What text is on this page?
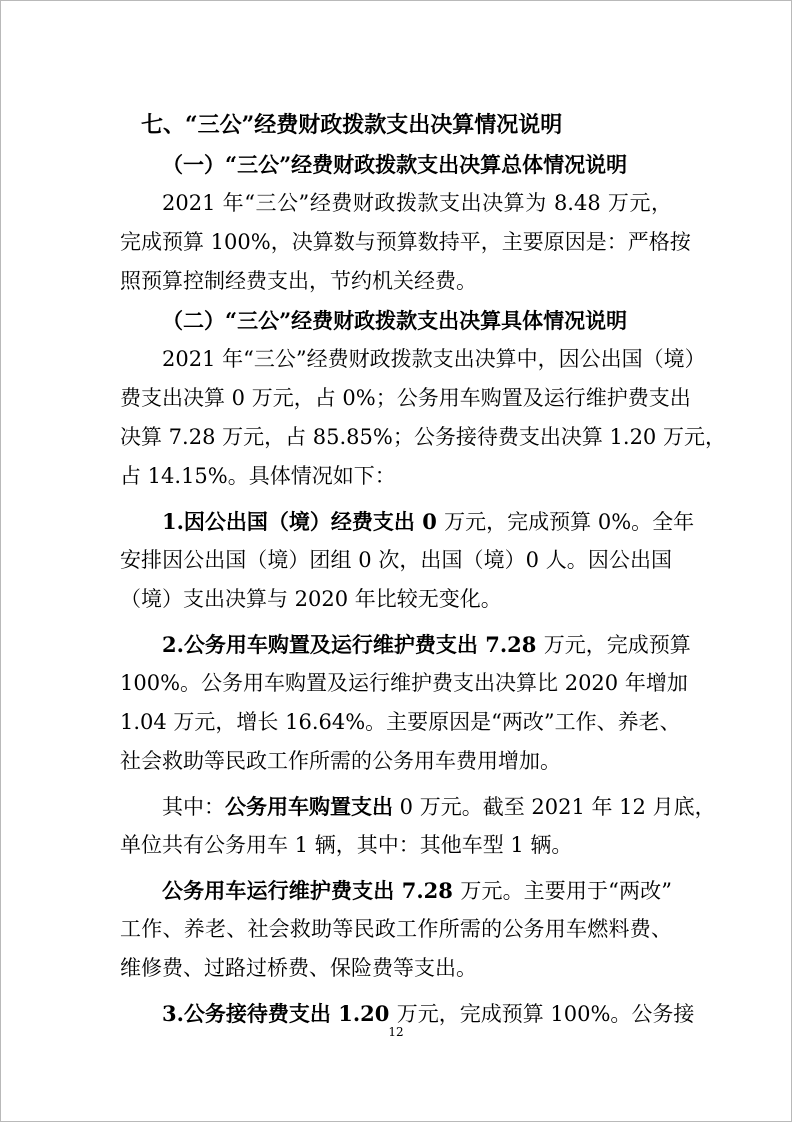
七、“三公”经费财政拨款支出决算情况说明
（一）“三公”经费财政拨款支出决算总体情况说明
2021 年“三公”经费财政拨款支出决算为 8.48 万元，
完成预算 100%，决算数与预算数持平，主要原因是：严格按
照预算控制经费支出，节约机关经费。
（二）“三公”经费财政拨款支出决算具体情况说明
2021 年“三公”经费财政拨款支出决算中，因公出国（境）
费支出决算 0 万元，占 0%；公务用车购置及运行维护费支出
决算 7.28 万元，占 85.85%；公务接待费支出决算 1.20 万元，
占 14.15%。具体情况如下：
1.因公出国（境）经费支出 0 万元，完成预算 0%。全年
安排因公出国（境）团组 0 次，出国（境）0 人。因公出国
（境）支出决算与 2020 年比较无变化。
2.公务用车购置及运行维护费支出 7.28 万元，完成预算
100%。公务用车购置及运行维护费支出决算比 2020 年增加
1.04 万元，增长 16.64%。主要原因是“两改”工作、养老、
社会救助等民政工作所需的公务用车费用增加。
其中：公务用车购置支出 0 万元。截至 2021 年 12 月底，
单位共有公务用车 1 辆，其中：其他车型 1 辆。
公务用车运行维护费支出 7.28 万元。主要用于“两改”
工作、养老、社会救助等民政工作所需的公务用车燃料费、
维修费、过路过桥费、保险费等支出。
3.公务接待费支出 1.20 万元，完成预算 100%。公务接
12
